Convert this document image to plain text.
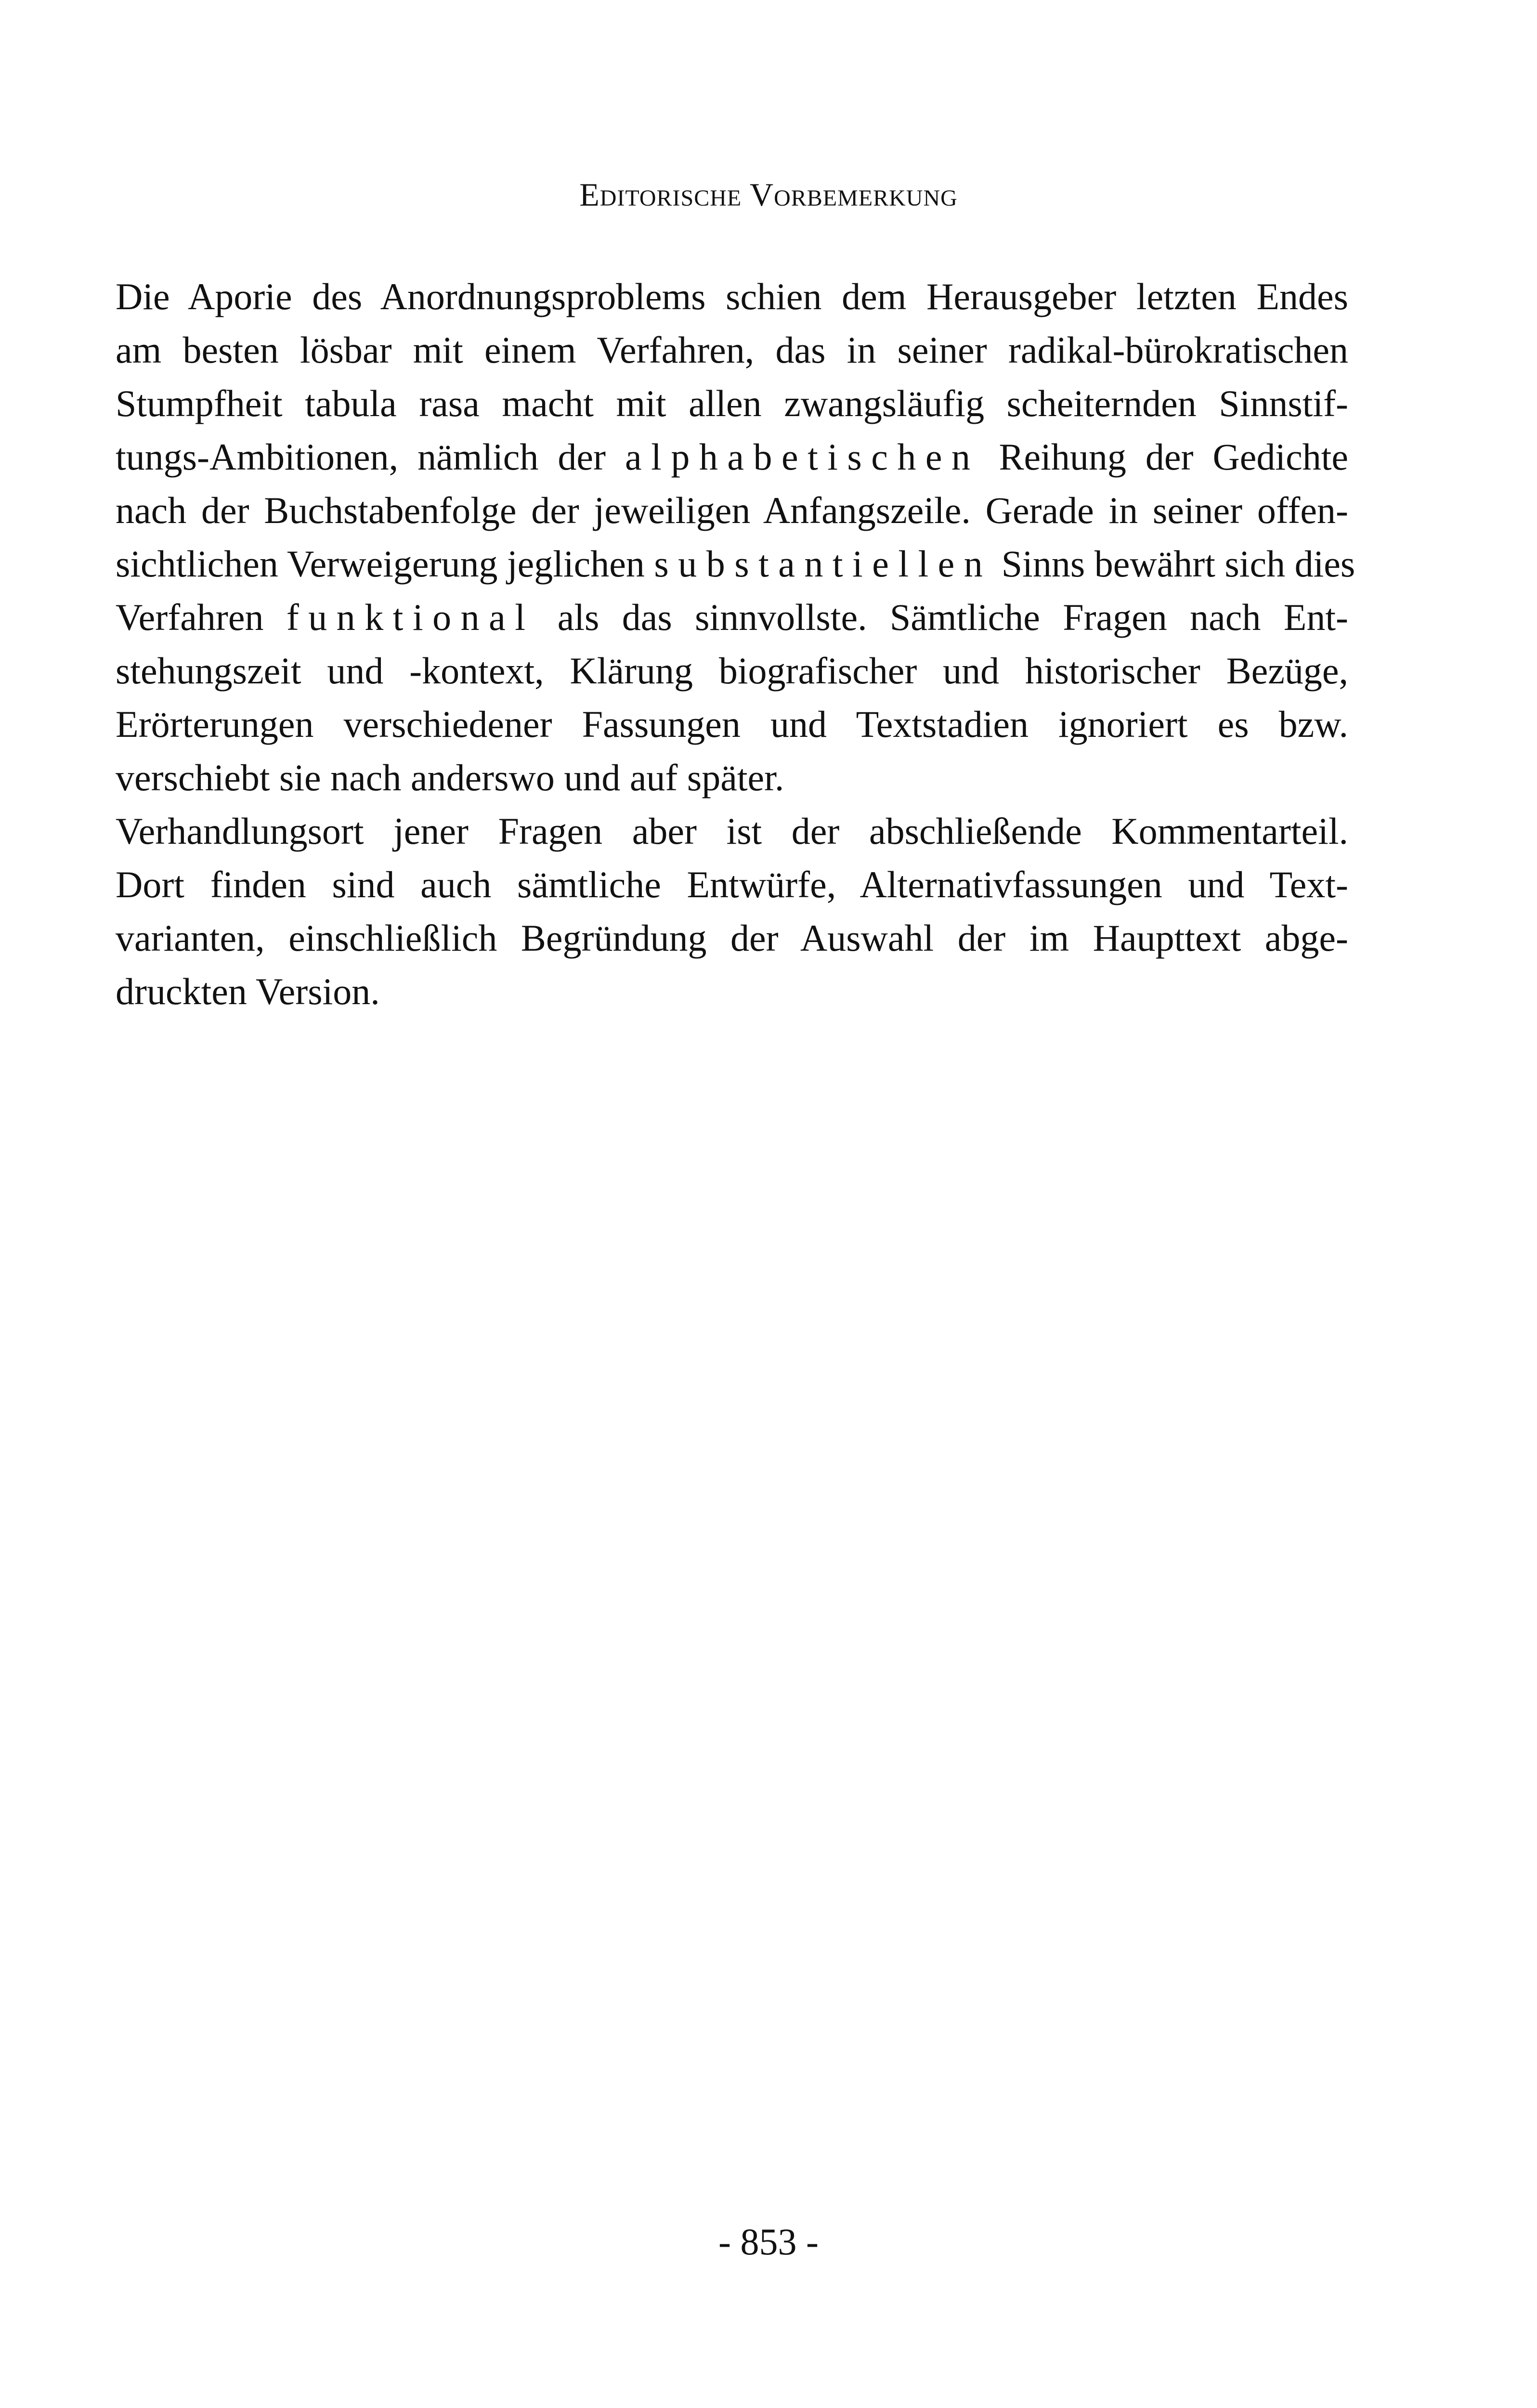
Editorische Vorbemerkung
Die Aporie des Anordnungsproblems schien dem Herausgeber letzten Endes
am besten lösbar mit einem Verfahren, das in seiner radikal-bürokratischen
Stumpfheit tabula rasa macht mit allen zwangsläufig scheiternden Sinnstif-
tungs-Ambitionen, nämlich der alphabetischen Reihung der Gedichte
nach der Buchstabenfolge der jeweiligen Anfangszeile. Gerade in seiner offen-
sichtlichen Verweigerung jeglichen substantiellen Sinns bewährt sich dies
Verfahren funktional als das sinnvollste. Sämtliche Fragen nach Ent-
stehungszeit und -kontext, Klärung biografischer und historischer Bezüge,
Erörterungen verschiedener Fassungen und Textstadien ignoriert es bzw.
verschiebt sie nach anderswo und auf später.
Verhandlungsort jener Fragen aber ist der abschließende Kommentarteil.
Dort finden sind auch sämtliche Entwürfe, Alternativfassungen und Text-
varianten, einschließlich Begründung der Auswahl der im Haupttext abge-
druckten Version.

- 853 -
